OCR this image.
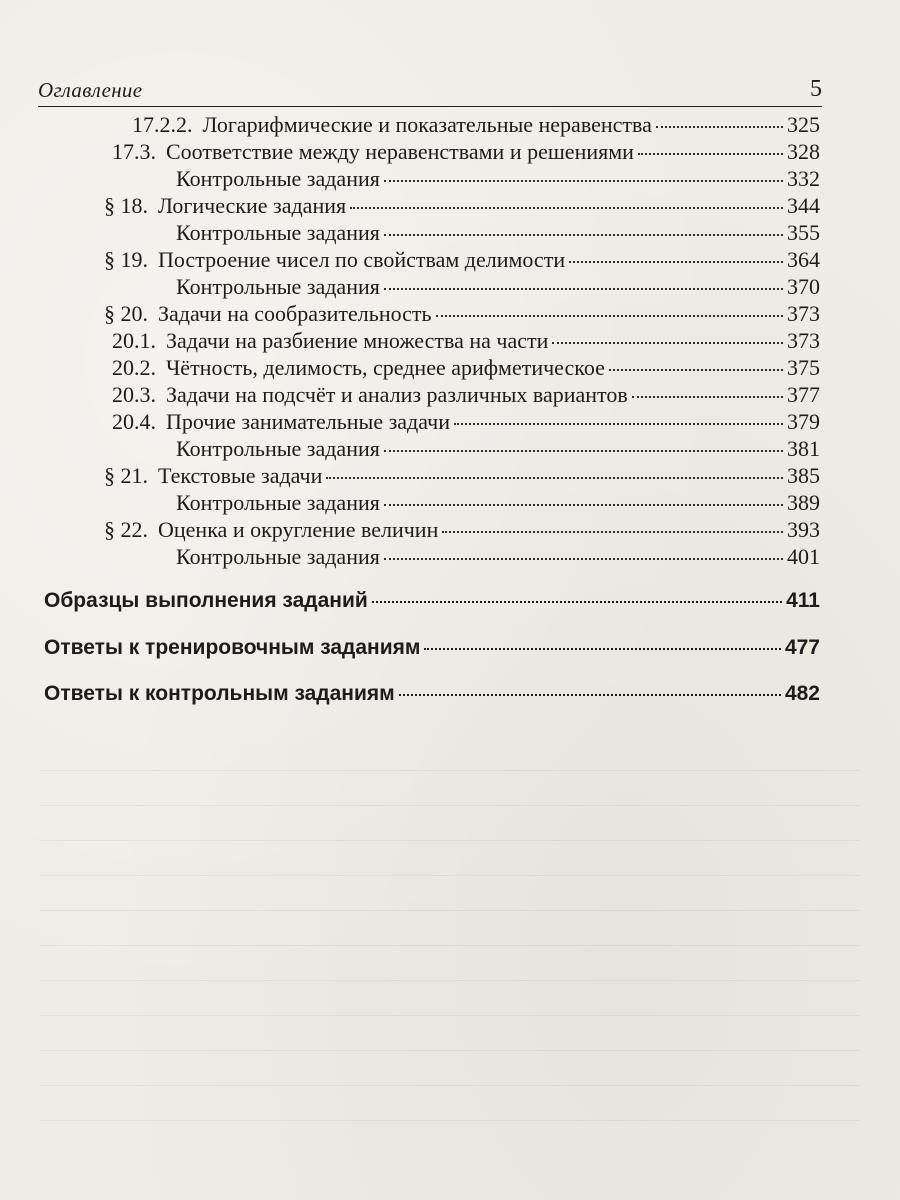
Оглавление	5
17.2.2. Логарифмические и показательные неравенства	325
17.3. Соответствие между неравенствами и решениями	328
Контрольные задания	332
§ 18. Логические задания	344
Контрольные задания	355
§ 19. Построение чисел по свойствам делимости	364
Контрольные задания	370
§ 20. Задачи на сообразительность	373
20.1. Задачи на разбиение множества на части	373
20.2. Чётность, делимость, среднее арифметическое	375
20.3. Задачи на подсчёт и анализ различных вариантов	377
20.4. Прочие занимательные задачи	379
Контрольные задания	381
§ 21. Текстовые задачи	385
Контрольные задания	389
§ 22. Оценка и округление величин	393
Контрольные задания	401
Образцы выполнения заданий	411
Ответы к тренировочным заданиям	477
Ответы к контрольным заданиям	482
